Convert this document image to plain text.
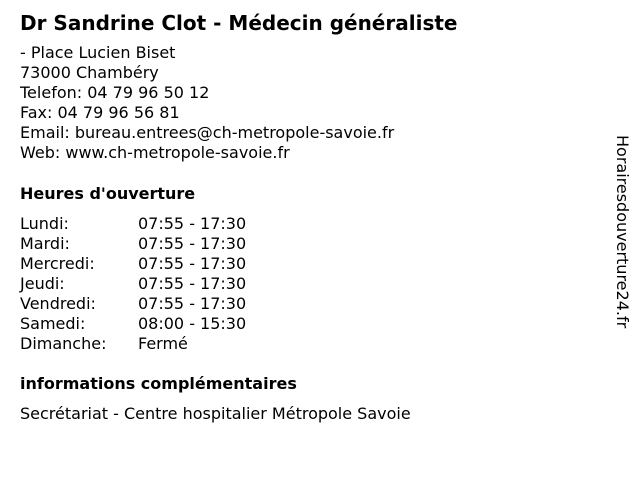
Dr Sandrine Clot - Médecin généraliste
- Place Lucien Biset
73000 Chambéry
Telefon: 04 79 96 50 12
Fax: 04 79 96 56 81
Email: bureau.entrees@ch-metropole-savoie.fr
Web: www.ch-metropole-savoie.fr
Heures d'ouverture
Lundi:	07:55 - 17:30
Mardi:	07:55 - 17:30
Mercredi:	07:55 - 17:30
Jeudi:	07:55 - 17:30
Vendredi:	07:55 - 17:30
Samedi:	08:00 - 15:30
Dimanche: Fermé
informations complémentaires
Secrétariat - Centre hospitalier Métropole Savoie
Horairesdouverture24.fr
